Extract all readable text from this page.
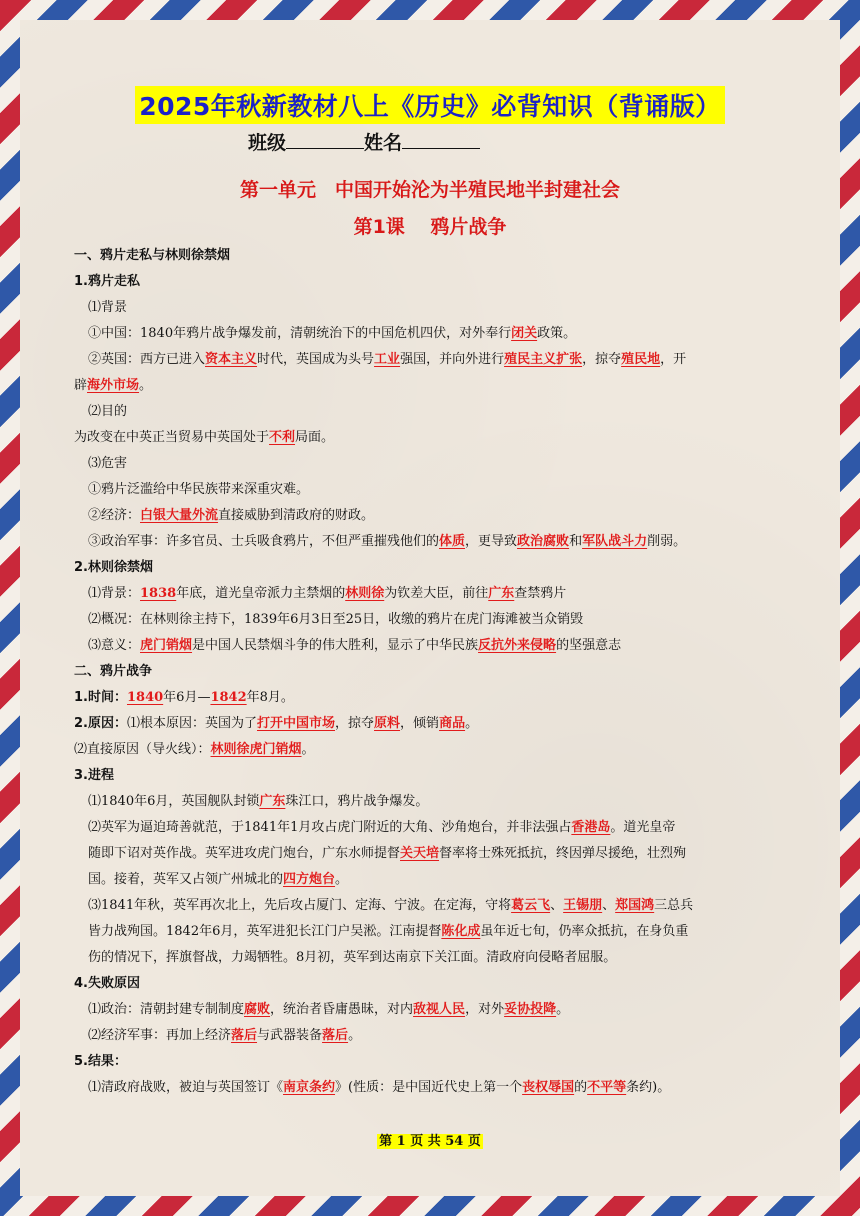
2025年秋新教材八上《历史》必背知识（背诵版）
班级	姓名
第一单元　中国开始沦为半殖民地半封建社会
第1课　 鸦片战争
一、鸦片走私与林则徐禁烟
1.鸦片走私
⑴背景
①中国：1840年鸦片战争爆发前，清朝统治下的中国危机四伏，对外奉行闭关政策。
②英国：西方已进入资本主义时代，英国成为头号工业强国，并向外进行殖民主义扩张，掠夺殖民地，开
辟海外市场。
⑵目的
为改变在中英正当贸易中英国处于不利局面。
⑶危害
①鸦片泛滥给中华民族带来深重灾难。
②经济：白银大量外流直接威胁到清政府的财政。
③政治军事：许多官员、士兵吸食鸦片，不但严重摧残他们的体质，更导致政治腐败和军队战斗力削弱。
2.林则徐禁烟
⑴背景：1838年底，道光皇帝派力主禁烟的林则徐为钦差大臣，前往广东查禁鸦片
⑵概况：在林则徐主持下，1839年6月3日至25日，收缴的鸦片在虎门海滩被当众销毁
⑶意义：虎门销烟是中国人民禁烟斗争的伟大胜利，显示了中华民族反抗外来侵略的坚强意志
二、鸦片战争
1.时间：1840年6月—1842年8月。
2.原因：⑴根本原因：英国为了打开中国市场，掠夺原料，倾销商品。
⑵直接原因（导火线）：林则徐虎门销烟。
3.进程
⑴1840年6月，英国舰队封锁广东珠江口，鸦片战争爆发。
⑵英军为逼迫琦善就范，于1841年1月攻占虎门附近的大角、沙角炮台，并非法强占香港岛。道光皇帝
随即下诏对英作战。英军进攻虎门炮台，广东水师提督关天培督率将士殊死抵抗，终因弹尽援绝，壮烈殉
国。接着，英军又占领广州城北的四方炮台。
⑶1841年秋，英军再次北上，先后攻占厦门、定海、宁波。在定海，守将葛云飞、王锡朋、郑国鸿三总兵
皆力战殉国。1842年6月，英军进犯长江门户吴淞。江南提督陈化成虽年近七旬，仍率众抵抗，在身负重
伤的情况下，挥旗督战，力竭牺牲。8月初，英军到达南京下关江面。清政府向侵略者屈服。
4.失败原因
⑴政治：清朝封建专制制度腐败，统治者昏庸愚昧，对内敌视人民，对外妥协投降。
⑵经济军事：再加上经济落后与武器装备落后。
5.结果：
⑴清政府战败，被迫与英国签订《南京条约》(性质：是中国近代史上第一个丧权辱国的不平等条约)。
第 1 页 共 54 页
